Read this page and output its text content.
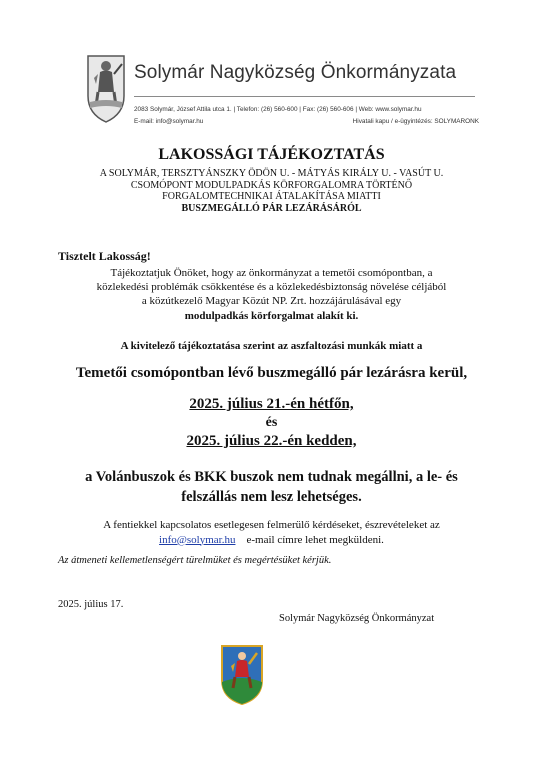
Solymár Nagyközség Önkormányzata
2083 Solymár, József Attila utca 1. | Telefon: (26) 560-600 | Fax: (26) 560-606 | Web: www.solymar.hu
E-mail: info@solymar.hu	Hivatali kapu / e-ügyintézés: SOLYMARONK
LAKOSSÁGI TÁJÉKOZTATÁS
A SOLYMÁR, TERSZTYÁNSZKY ÖDÖN U. - MÁTYÁS KIRÁLY U. - VASÚT U.
CSOMÓPONT MODULPADKÁS KÖRFORGALOMRA TÖRTÉNŐ
FORGALOMTECHNIKAI ÁTALAKÍTÁSA MIATTI
BUSZMEGÁLLÓ PÁR LEZÁRÁSÁRÓL
Tisztelt Lakosság!
Tájékoztatjuk Önöket, hogy az önkormányzat a temetői csomópontban, a
közlekedési problémák csökkentése és a közlekedésbiztonság növelése céljából
a közútkezelő Magyar Közút NP. Zrt. hozzájárulásával egy
modulpadkás körforgalmat alakít ki.
A kivitelező tájékoztatása szerint az aszfaltozási munkák miatt a
Temetői csomópontban lévő buszmegálló pár lezárásra kerül,
2025. július 21.-én hétfőn,
és
2025. július 22.-én kedden,
a Volánbuszok és BKK buszok nem tudnak megállni, a le- és
felszállás nem lesz lehetséges.
A fentiekkel kapcsolatos esetlegesen felmerülő kérdéseket, észrevételeket az
info@solymar.hu e-mail címre lehet megküldeni.
Az átmeneti kellemetlenségért türelmüket és megértésüket kérjük.
2025. július 17.
Solymár Nagyközség Önkormányzat
